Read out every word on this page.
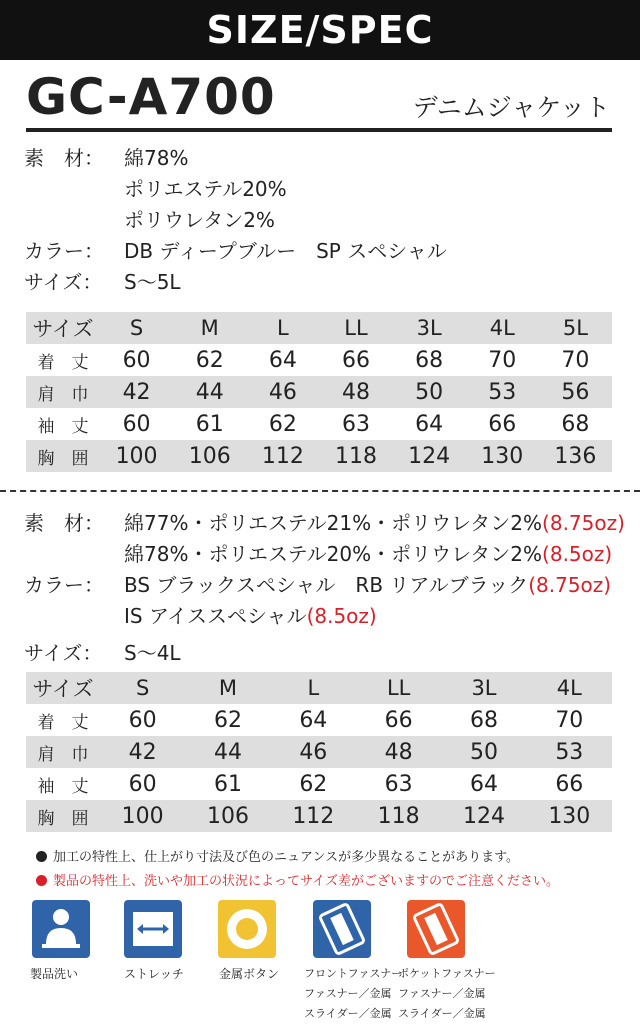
SIZE/SPEC
GC-A700	デニムジャケット
素　材：	綿78%
ポリエステル20%
ポリウレタン2%
カラー：	DB ディープブルー　SP スペシャル
サイズ：	S～5L
サイズ	S	M	L	LL	3L	4L	5L
着　丈	60	62	64	66	68	70	70
肩　巾	42	44	46	48	50	53	56
袖　丈	60	61	62	63	64	66	68
胸　囲	100	106	112	118	124	130	136
素　材：	綿77%・ポリエステル21%・ポリウレタン2% (8.75oz)
綿78%・ポリエステル20%・ポリウレタン2% (8.5oz)
カラー：	BS ブラックスペシャル　RB リアルブラック (8.75oz)
IS アイススペシャル (8.5oz)
サイズ：	S～4L
サイズ	S	M	L	LL	3L	4L
着　丈	60	62	64	66	68	70
肩　巾	42	44	46	48	50	53
袖　丈	60	61	62	63	64	66
胸　囲	100	106	112	118	124	130
加工の特性上、仕上がり寸法及び色のニュアンスが多少異なることがあります。
製品の特性上、洗いや加工の状況によってサイズ差がございますのでご注意ください。
製品洗い	ストレッチ	金属ボタン フロントファスナー
ファスナー／金属
スライダー／金属
ポケットファスナー
ファスナー／金属
スライダー／金属
